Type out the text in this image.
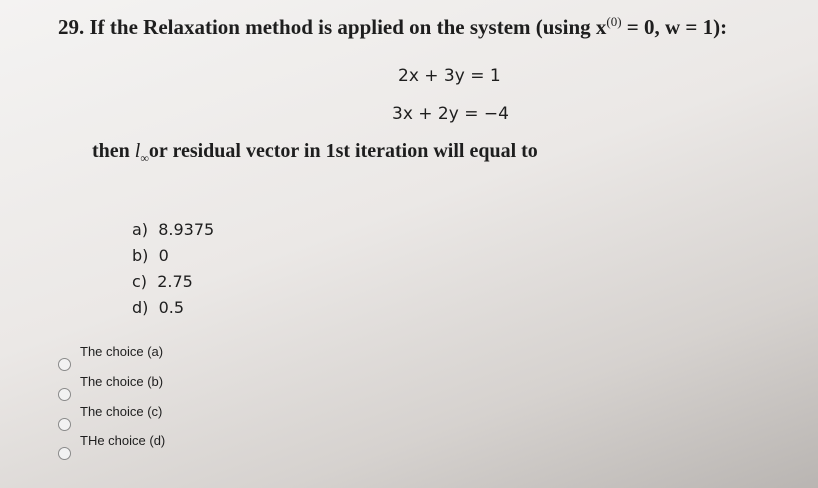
29. If the Relaxation method is applied on the system (using $x^{(0)} = 0$, w = 1):
2x + 3y = 1
3x + 2y = −4
then $l_\infty or$ residual vector in 1st iteration will equal to
a) 8.9375
b) 0
c) 2.75
d) 0.5
The choice (a)
The choice (b)
The choice (c)
THe choice (d)
